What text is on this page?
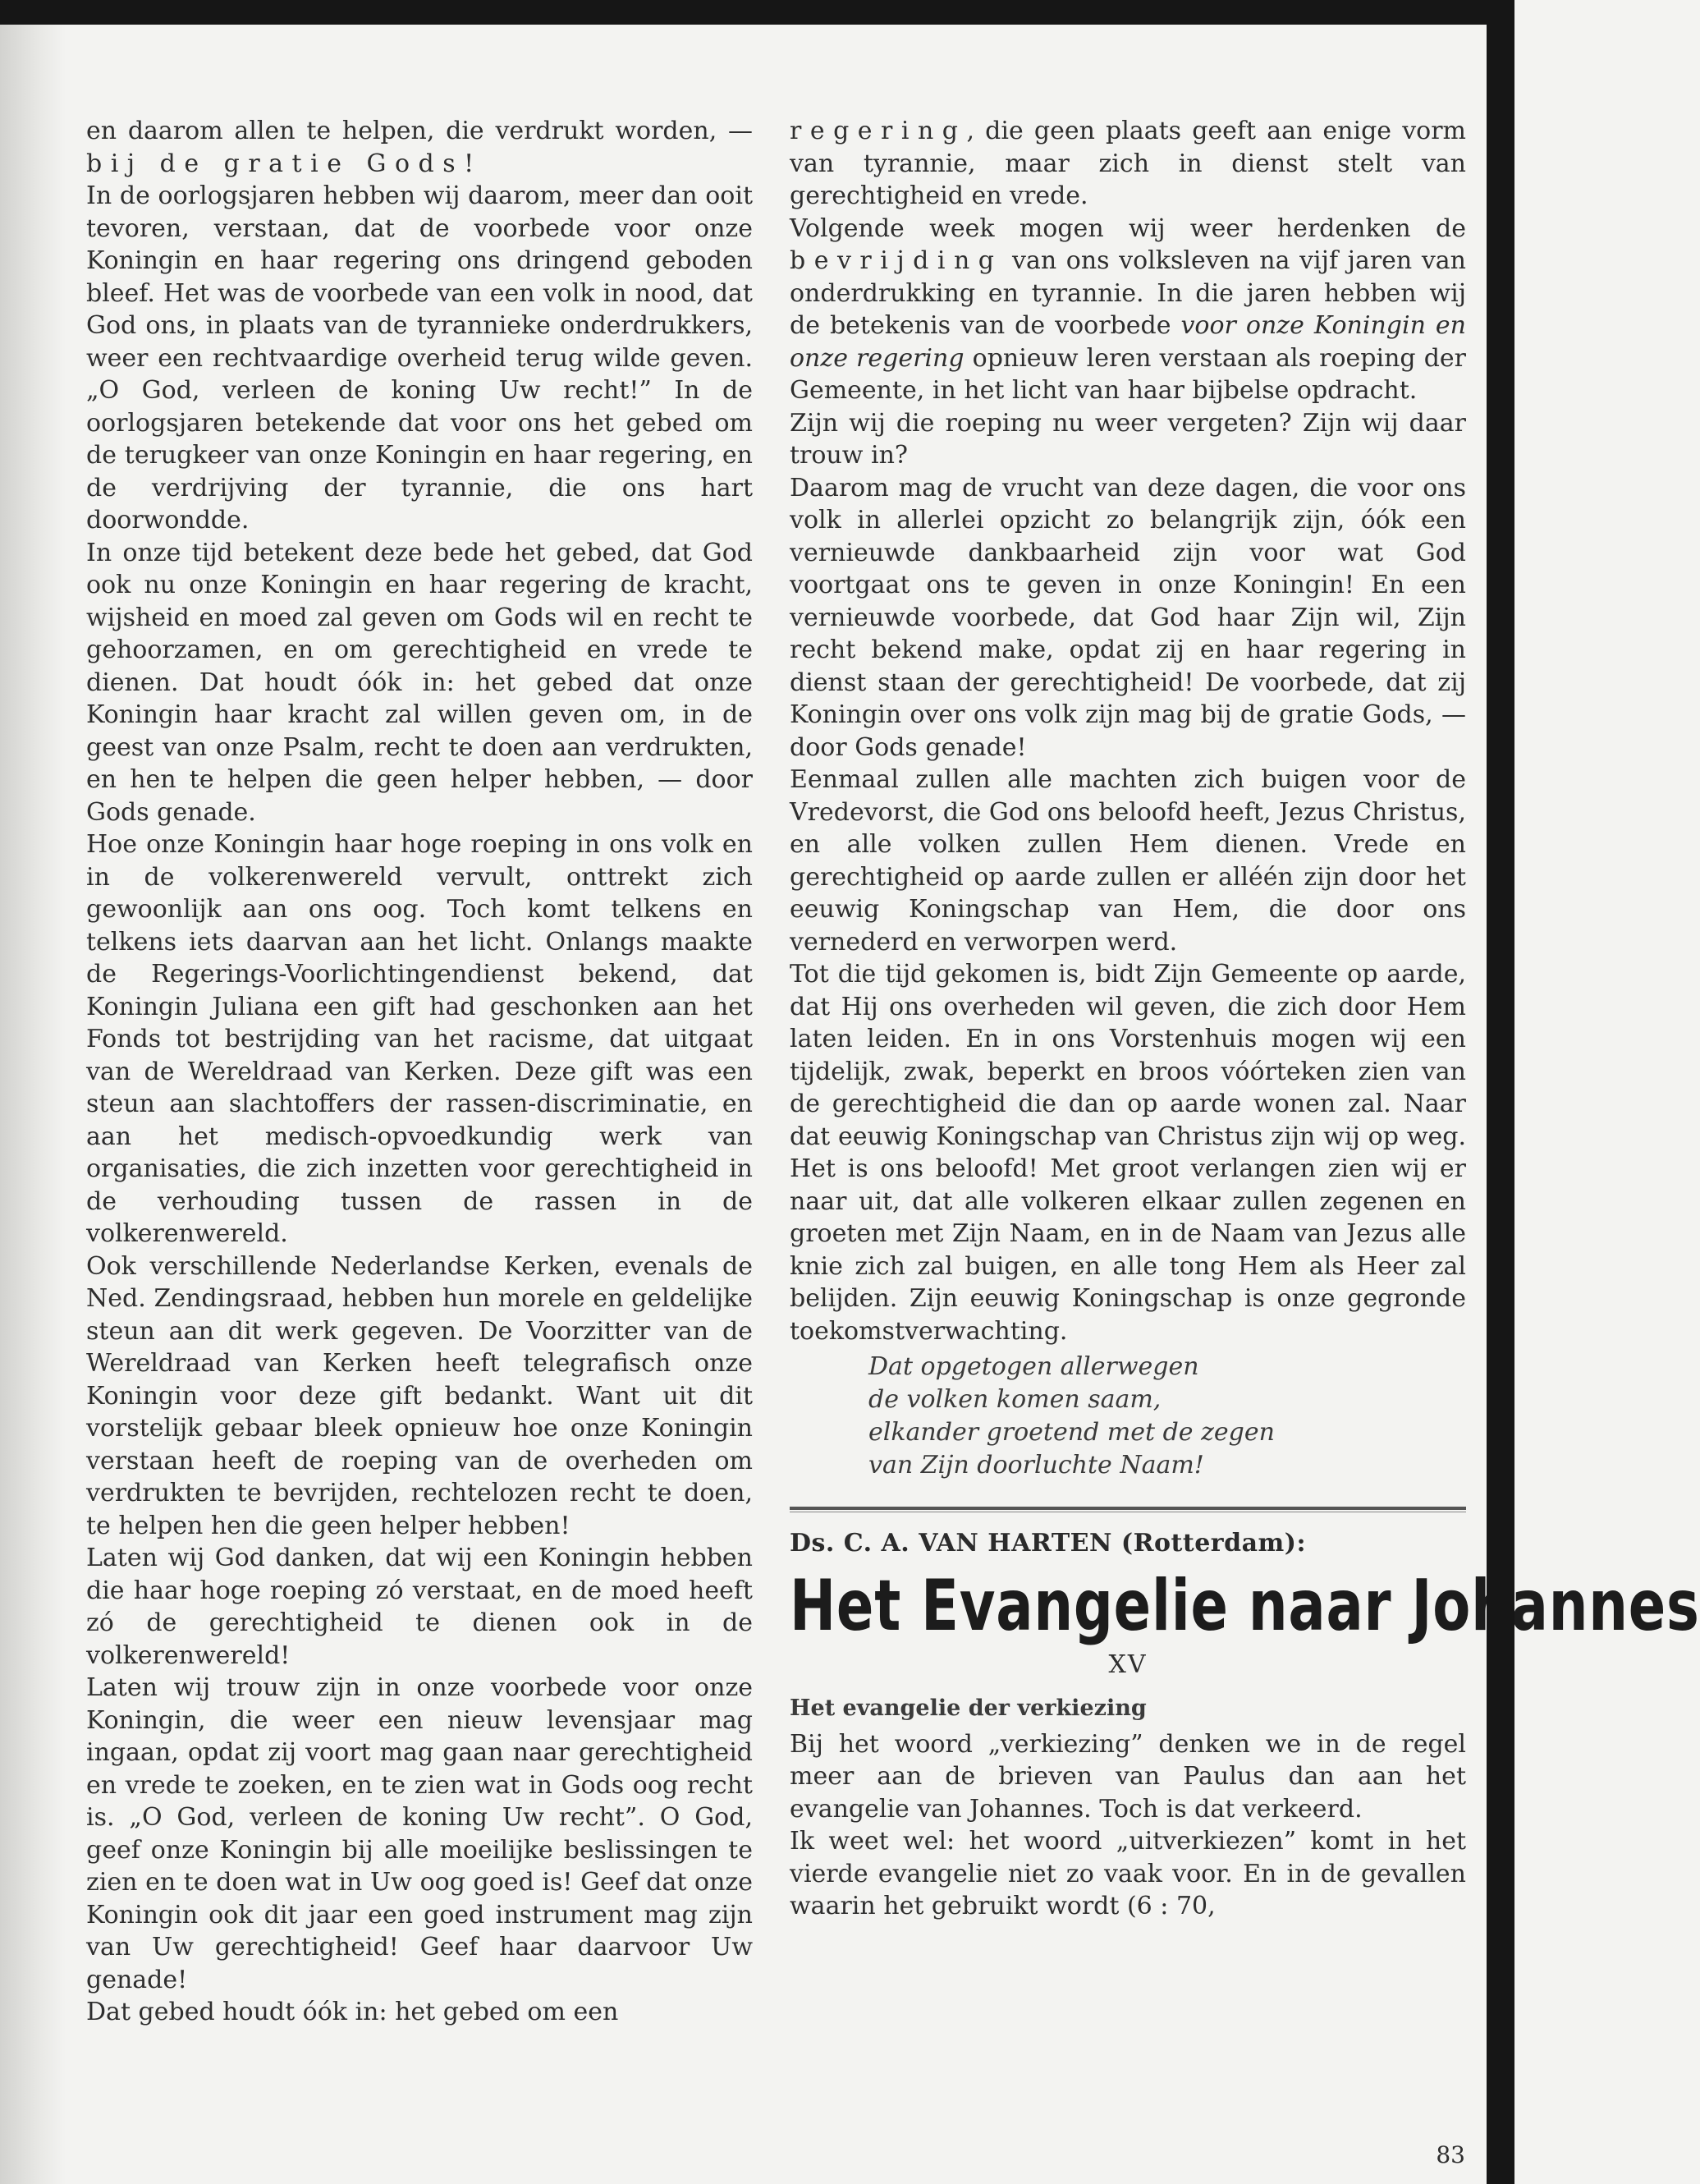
en daarom allen te helpen, die verdrukt worden, — bij de gratie Gods!

In de oorlogsjaren hebben wij daarom, meer dan ooit tevoren, verstaan, dat de voorbede voor onze Koningin en haar regering ons dringend geboden bleef. Het was de voorbede van een volk in nood, dat God ons, in plaats van de tyrannieke onderdrukkers, weer een rechtvaardige overheid terug wilde geven. „O God, verleen de koning Uw recht!” In de oorlogsjaren betekende dat voor ons het gebed om de terugkeer van onze Koningin en haar regering, en de verdrijving der tyrannie, die ons hart doorwondde.

In onze tijd betekent deze bede het gebed, dat God ook nu onze Koningin en haar regering de kracht, wijsheid en moed zal geven om Gods wil en recht te gehoorzamen, en om gerechtigheid en vrede te dienen. Dat houdt óók in: het gebed dat onze Koningin haar kracht zal willen geven om, in de geest van onze Psalm, recht te doen aan verdrukten, en hen te helpen die geen helper hebben, — door Gods genade.

Hoe onze Koningin haar hoge roeping in ons volk en in de volkerenwereld vervult, onttrekt zich gewoonlijk aan ons oog. Toch komt telkens en telkens iets daarvan aan het licht. Onlangs maakte de Regerings-Voorlichtingendienst bekend, dat Koningin Juliana een gift had geschonken aan het Fonds tot bestrijding van het racisme, dat uitgaat van de Wereldraad van Kerken. Deze gift was een steun aan slachtoffers der rassen-discriminatie, en aan het medisch-opvoedkundig werk van organisaties, die zich inzetten voor gerechtigheid in de verhouding tussen de rassen in de volkerenwereld.

Ook verschillende Nederlandse Kerken, evenals de Ned. Zendingsraad, hebben hun morele en geldelijke steun aan dit werk gegeven. De Voorzitter van de Wereldraad van Kerken heeft telegrafisch onze Koningin voor deze gift bedankt. Want uit dit vorstelijk gebaar bleek opnieuw hoe onze Koningin verstaan heeft de roeping van de overheden om verdrukten te bevrijden, rechtelozen recht te doen, te helpen hen die geen helper hebben!

Laten wij God danken, dat wij een Koningin hebben die haar hoge roeping zó verstaat, en de moed heeft zó de gerechtigheid te dienen ook in de volkerenwereld!

Laten wij trouw zijn in onze voorbede voor onze Koningin, die weer een nieuw levensjaar mag ingaan, opdat zij voort mag gaan naar gerechtigheid en vrede te zoeken, en te zien wat in Gods oog recht is. „O God, verleen de koning Uw recht”. O God, geef onze Koningin bij alle moeilijke beslissingen te zien en te doen wat in Uw oog goed is! Geef dat onze Koningin ook dit jaar een goed instrument mag zijn van Uw gerechtigheid! Geef haar daarvoor Uw genade!

Dat gebed houdt óók in: het gebed om een

regering, die geen plaats geeft aan enige vorm van tyrannie, maar zich in dienst stelt van gerechtigheid en vrede.

Volgende week mogen wij weer herdenken de bevrijding van ons volksleven na vijf jaren van onderdrukking en tyrannie. In die jaren hebben wij de betekenis van de voorbede voor onze Koningin en onze regering opnieuw leren verstaan als roeping der Gemeente, in het licht van haar bijbelse opdracht.

Zijn wij die roeping nu weer vergeten? Zijn wij daar trouw in?

Daarom mag de vrucht van deze dagen, die voor ons volk in allerlei opzicht zo belangrijk zijn, óók een vernieuwde dankbaarheid zijn voor wat God voortgaat ons te geven in onze Koningin! En een vernieuwde voorbede, dat God haar Zijn wil, Zijn recht bekend make, opdat zij en haar regering in dienst staan der gerechtigheid! De voorbede, dat zij Koningin over ons volk zijn mag bij de gratie Gods, — door Gods genade!

Eenmaal zullen alle machten zich buigen voor de Vredevorst, die God ons beloofd heeft, Jezus Christus, en alle volken zullen Hem dienen. Vrede en gerechtigheid op aarde zullen er alléén zijn door het eeuwig Koningschap van Hem, die door ons vernederd en verworpen werd.

Tot die tijd gekomen is, bidt Zijn Gemeente op aarde, dat Hij ons overheden wil geven, die zich door Hem laten leiden. En in ons Vorstenhuis mogen wij een tijdelijk, zwak, beperkt en broos vóórteken zien van de gerechtigheid die dan op aarde wonen zal. Naar dat eeuwig Koningschap van Christus zijn wij op weg. Het is ons beloofd! Met groot verlangen zien wij er naar uit, dat alle volkeren elkaar zullen zegenen en groeten met Zijn Naam, en in de Naam van Jezus alle knie zich zal buigen, en alle tong Hem als Heer zal belijden. Zijn eeuwig Koningschap is onze gegronde toekomstverwachting.

Dat opgetogen allerwegen
de volken komen saam,
elkander groetend met de zegen
van Zijn doorluchte Naam!
Ds. C. A. VAN HARTEN (Rotterdam):
Het Evangelie naar Johannes
XV
Het evangelie der verkiezing

Bij het woord „verkiezing” denken we in de regel meer aan de brieven van Paulus dan aan het evangelie van Johannes. Toch is dat verkeerd.

Ik weet wel: het woord „uitverkiezen” komt in het vierde evangelie niet zo vaak voor. En in de gevallen waarin het gebruikt wordt (6 : 70,

83
